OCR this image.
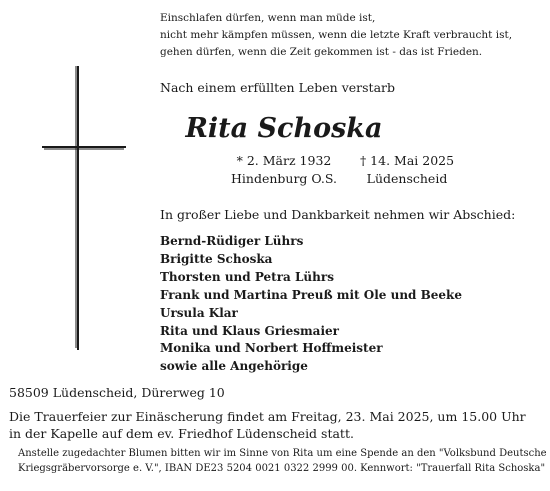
Einschlafen dürfen, wenn man müde ist,
nicht mehr kämpfen müssen, wenn die letzte Kraft verbraucht ist,
gehen dürfen, wenn die Zeit gekommen ist - das ist Frieden.
Nach einem erfüllten Leben verstarb
Rita Schoska
* 2. März 1932
Hindenburg O.S.
† 14. Mai 2025
Lüdenscheid
In großer Liebe und Dankbarkeit nehmen wir Abschied:
Bernd-Rüdiger Lührs
Brigitte Schoska
Thorsten und Petra Lührs
Frank und Martina Preuß mit Ole und Beeke
Ursula Klar
Rita und Klaus Griesmaier
Monika und Norbert Hoffmeister
sowie alle Angehörige
58509 Lüdenscheid, Dürerweg 10
Die Trauerfeier zur Einäscherung findet am Freitag, 23. Mai 2025, um 15.00 Uhr
in der Kapelle auf dem ev. Friedhof Lüdenscheid statt.
Anstelle zugedachter Blumen bitten wir im Sinne von Rita um eine Spende an den "Volksbund Deutsche
Kriegsgräbervorsorge e. V.", IBAN DE23 5204 0021 0322 2999 00. Kennwort: "Trauerfall Rita Schoska"
